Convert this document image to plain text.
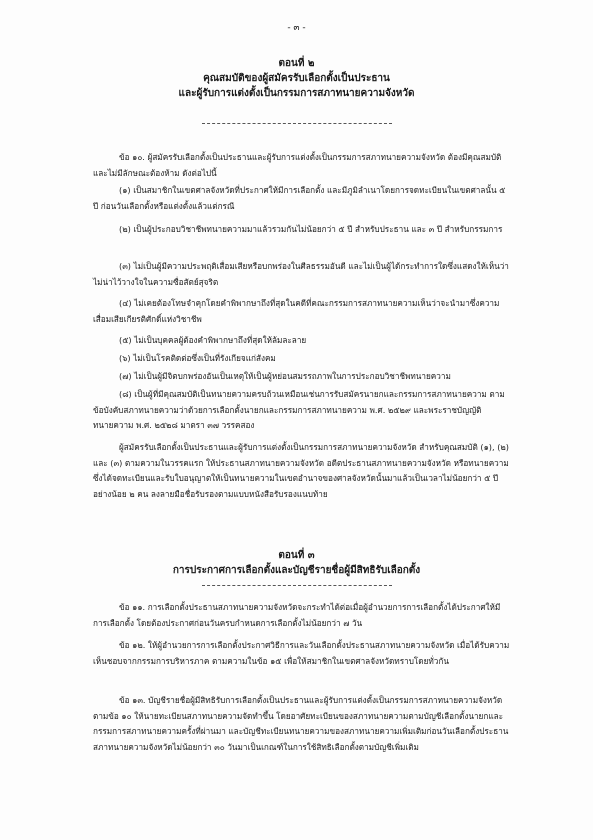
- ๓ -
ตอนที่ ๒
คุณสมบัติของผู้สมัครรับเลือกตั้งเป็นประธาน
และผู้รับการแต่งตั้งเป็นกรรมการสภาทนายความจังหวัด

ข้อ ๑๐. ผู้สมัครรับเลือกตั้งเป็นประธานและผู้รับการแต่งตั้งเป็นกรรมการสภาทนายความจังหวัด ต้องมีคุณสมบัติ และไม่มีลักษณะต้องห้าม ดังต่อไปนี้

(๑) เป็นสมาชิกในเขตศาลจังหวัดที่ประกาศให้มีการเลือกตั้ง และมีภูมิลำเนาโดยการจดทะเบียนในเขตศาลนั้น ๕ ปี ก่อนวันเลือกตั้งหรือแต่งตั้งแล้วแต่กรณี

(๒) เป็นผู้ประกอบวิชาชีพทนายความมาแล้วรวมกันไม่น้อยกว่า ๕ ปี สำหรับประธาน และ ๓ ปี สำหรับกรรมการ

(๓) ไม่เป็นผู้มีความประพฤติเสื่อมเสียหรือบกพร่องในศีลธรรมอันดี และไม่เป็นผู้ได้กระทำการใดซึ่งแสดงให้เห็นว่าไม่น่าไว้วางใจในความซื่อสัตย์สุจริต

(๔) ไม่เคยต้องโทษจำคุกโดยคำพิพากษาถึงที่สุดในคดีที่คณะกรรมการสภาทนายความเห็นว่าจะนำมาซึ่งความเสื่อมเสียเกียรติศักดิ์แห่งวิชาชีพ

(๕) ไม่เป็นบุคคลผู้ต้องคำพิพากษาถึงที่สุดให้ล้มละลาย

(๖) ไม่เป็นโรคติดต่อซึ่งเป็นที่รังเกียจแก่สังคม

(๗) ไม่เป็นผู้มีจิตบกพร่องอันเป็นเหตุให้เป็นผู้หย่อนสมรรถภาพในการประกอบวิชาชีพทนายความ

(๘) เป็นผู้ที่มีคุณสมบัติเป็นทนายความครบถ้วนเหมือนเช่นการรับสมัครนายกและกรรมการสภาทนายความ ตามข้อบังคับสภาทนายความว่าด้วยการเลือกตั้งนายกและกรรมการสภาทนายความ พ.ศ. ๒๕๒๙ และพระราชบัญญัติทนายความ พ.ศ. ๒๕๒๘ มาตรา ๓๗ วรรคสอง

ผู้สมัครรับเลือกตั้งเป็นประธานและผู้รับการแต่งตั้งเป็นกรรมการสภาทนายความจังหวัด สำหรับคุณสมบัติ (๑), (๒) และ (๓) ตามความในวรรคแรก ให้ประธานสภาทนายความจังหวัด อดีตประธานสภาทนายความจังหวัด หรือทนายความซึ่งได้จดทะเบียนและรับใบอนุญาตให้เป็นทนายความในเขตอำนาจของศาลจังหวัดนั้นมาแล้วเป็นเวลาไม่น้อยกว่า ๕ ปี อย่างน้อย ๒ คน ลงลายมือชื่อรับรองตามแบบหนังสือรับรองแนบท้าย

ตอนที่ ๓
การประกาศการเลือกตั้งและบัญชีรายชื่อผู้มีสิทธิรับเลือกตั้ง

ข้อ ๑๑. การเลือกตั้งประธานสภาทนายความจังหวัดจะกระทำได้ต่อเมื่อผู้อำนวยการการเลือกตั้งได้ประกาศให้มีการเลือกตั้ง โดยต้องประกาศก่อนวันครบกำหนดการเลือกตั้งไม่น้อยกว่า ๗ วัน

ข้อ ๑๒. ให้ผู้อำนวยการการเลือกตั้งประกาศวิธีการและวันเลือกตั้งประธานสภาทนายความจังหวัด เมื่อได้รับความเห็นชอบจากกรรมการบริหารภาค ตามความในข้อ ๑๕ เพื่อให้สมาชิกในเขตศาลจังหวัดทราบโดยทั่วกัน

ข้อ ๑๓. บัญชีรายชื่อผู้มีสิทธิรับการเลือกตั้งเป็นประธานและผู้รับการแต่งตั้งเป็นกรรมการสภาทนายความจังหวัดตามข้อ ๑๐ ให้นายทะเบียนสภาทนายความจัดทำขึ้น โดยอาศัยทะเบียนของสภาทนายความตามบัญชีเลือกตั้งนายกและกรรมการสภาทนายความครั้งที่ผ่านมา และบัญชีทะเบียนทนายความของสภาทนายความเพิ่มเติมก่อนวันเลือกตั้งประธานสภาทนายความจังหวัดไม่น้อยกว่า ๓๐ วันมาเป็นเกณฑ์ในการใช้สิทธิเลือกตั้งตามบัญชีเพิ่มเติม
